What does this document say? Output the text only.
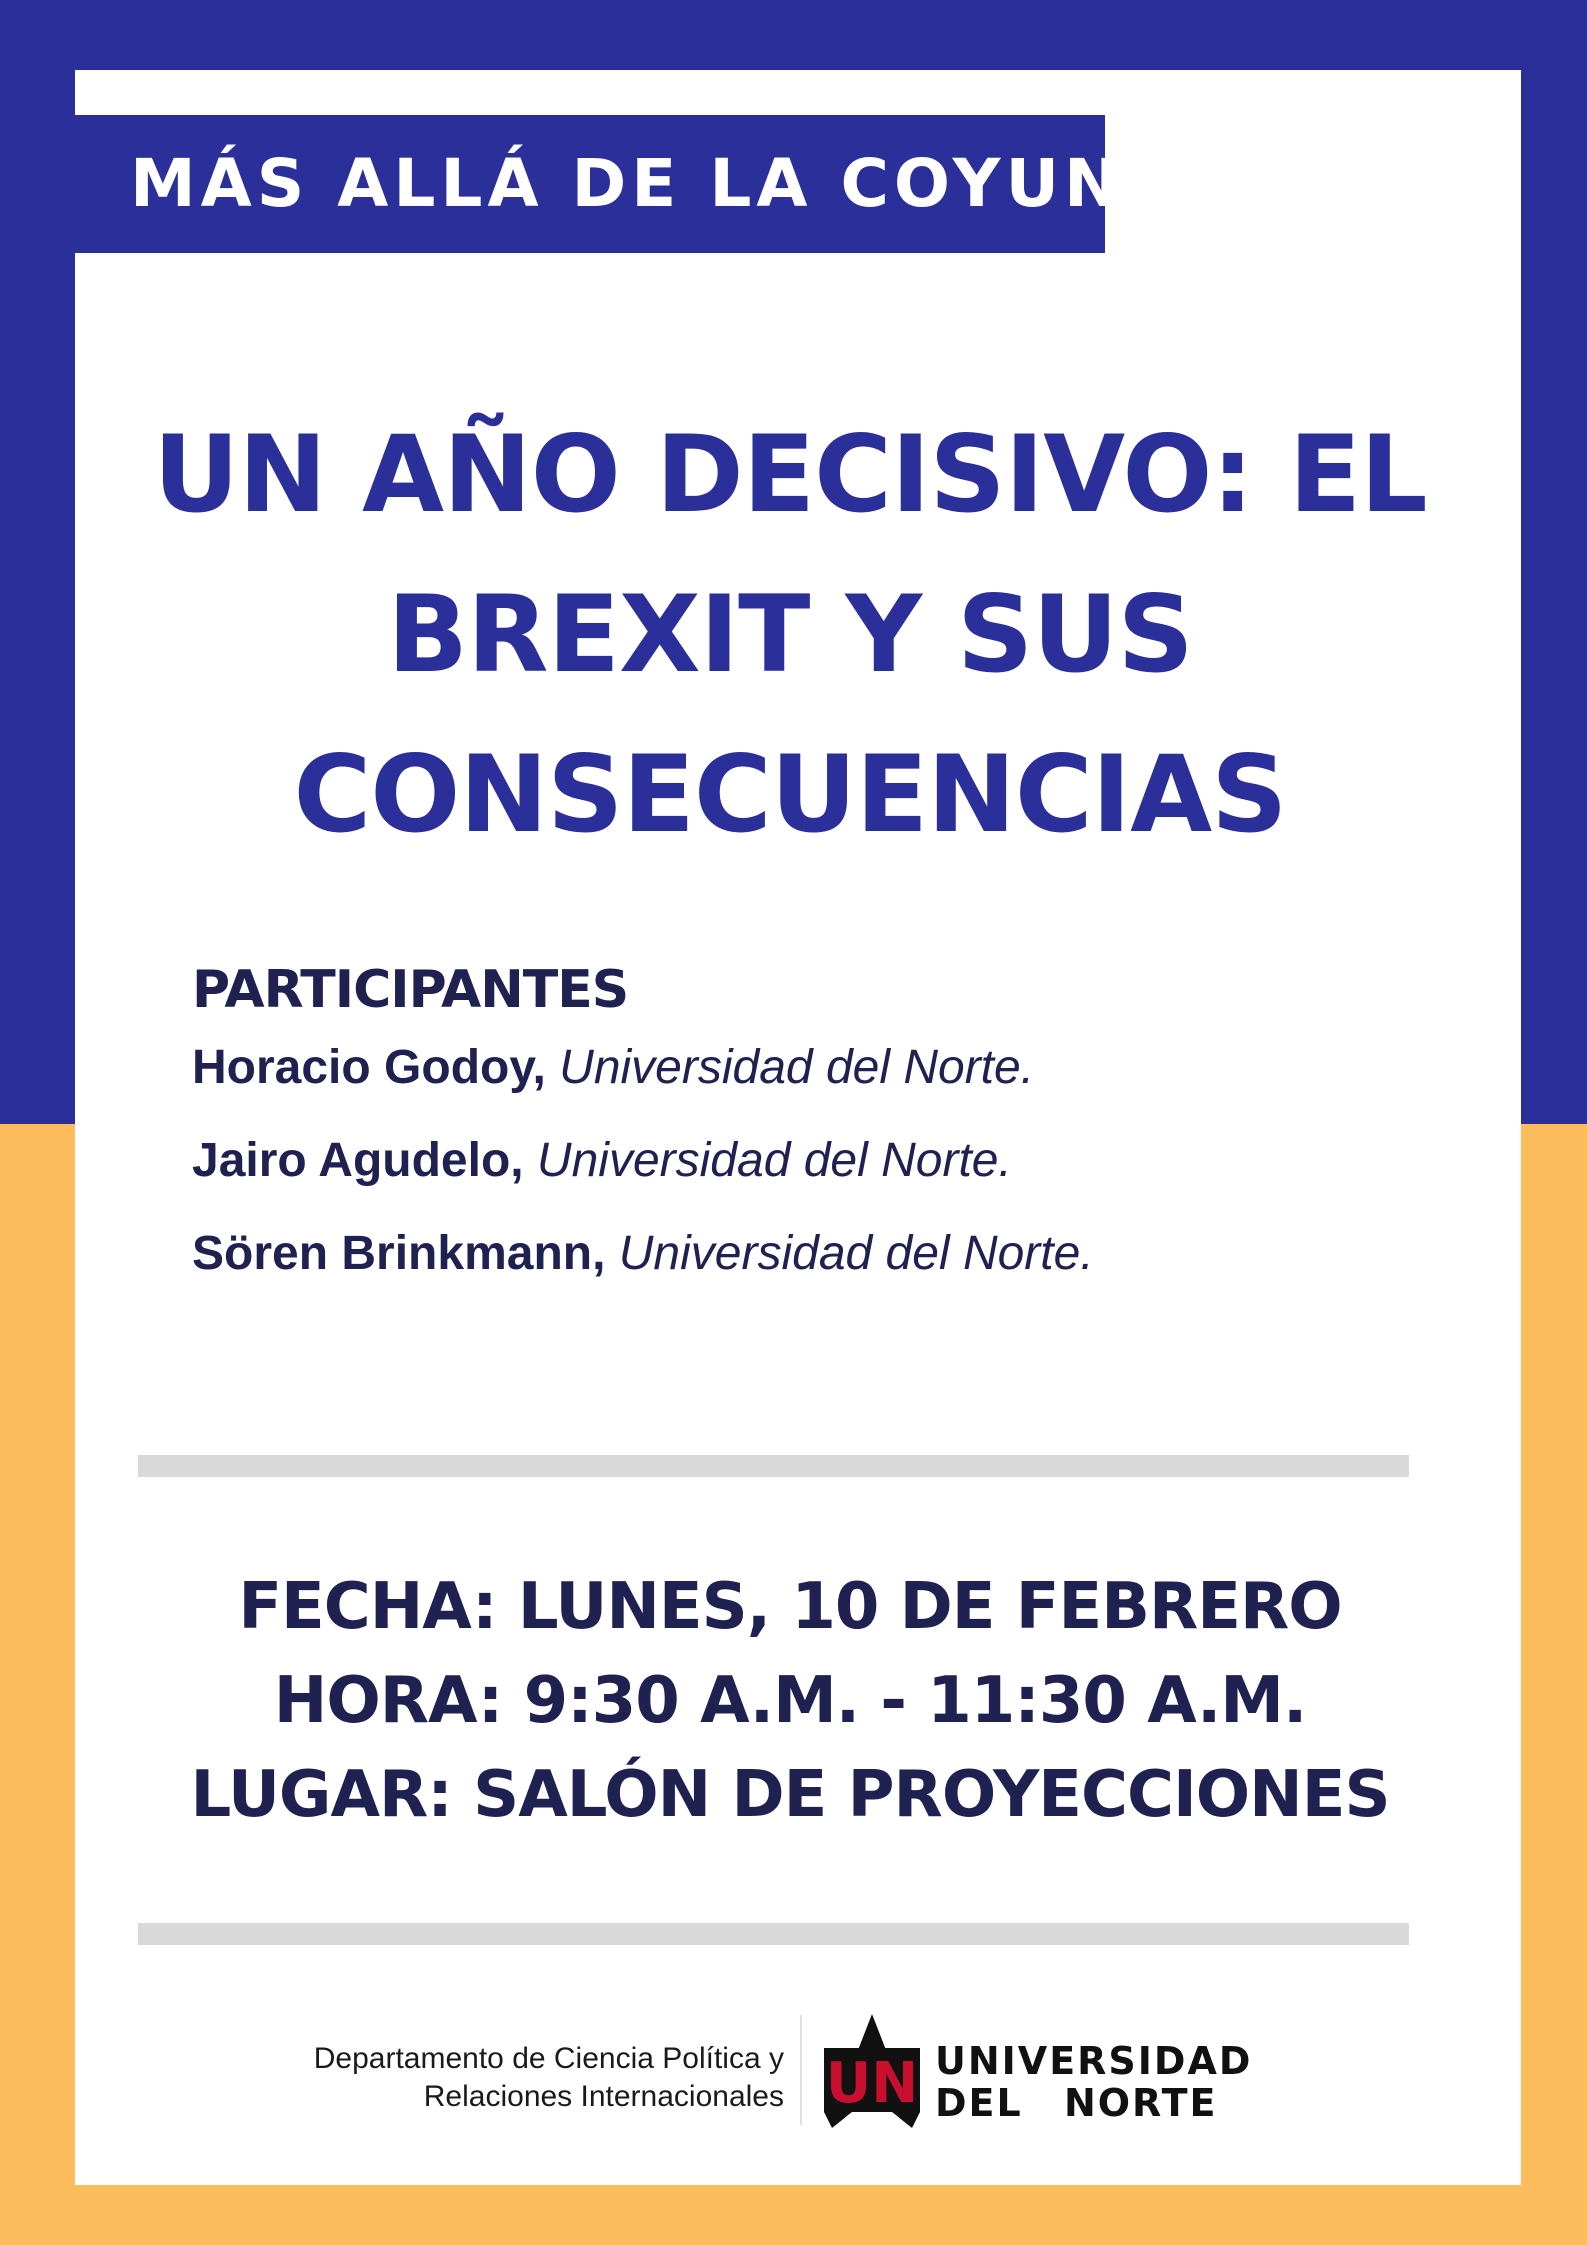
MÁS ALLÁ DE LA COYUNTURA
UN AÑO DECISIVO: EL
BREXIT Y SUS
CONSECUENCIAS
PARTICIPANTES
Horacio Godoy, Universidad del Norte.
Jairo Agudelo, Universidad del Norte.
Sören Brinkmann, Universidad del Norte.
FECHA: LUNES, 10 DE FEBRERO
HORA: 9:30 A.M. - 11:30 A.M.
LUGAR: SALÓN DE PROYECCIONES
Departamento de Ciencia Política y
Relaciones Internacionales UN UNIVERSIDAD
DEL NORTE
